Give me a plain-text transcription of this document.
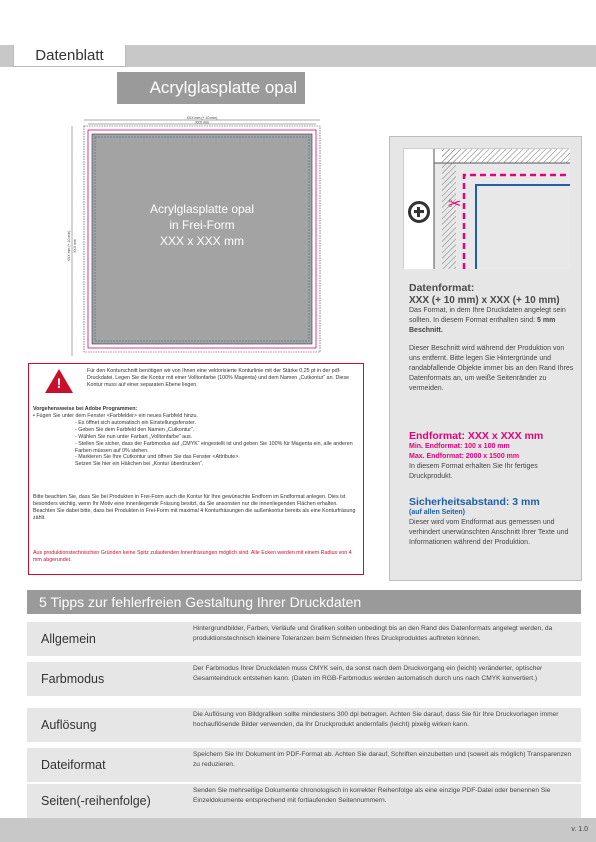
Datenblatt
Acrylglasplatte opal
XXX mm (+ 10 mm)
XXX mm
XXX mm (+ 10 mm) XXX mm
Acrylglasplatte opal
in Frei-Form
XXX x XXX mm
!
Für den Konturschnitt benötigen wir von Ihnen eine vektorisierte Konturlinie mit der Stärke 0,25 pt in der pdf-Druckdatei. Legen Sie die Kontur mit einer Volltonfarbe (100% Magenta) und dem Namen „Cutkontur“ an. Diese Kontur muss auf einer separaten Ebene liegen.
Vorgehensweise bei Adobe Programmen:
• Fügen Sie unter dem Fenster <Farbfelder> ein neues Farbfeld hinzu.
- Es öffnet sich automatisch ein Einstellungsfenster.
- Geben Sie dem Farbfeld den Namen „Cutkontur“.
- Wählen Sie nun unter Farbart „Volltonfarbe“ aus.
- Stellen Sie sicher, dass der Farbmodus auf „CMYK“ eingestellt ist und geben Sie 100% für Magenta ein, alle anderen Farben müssen auf 0% stehen.
- Markieren Sie Ihre Cutkontur und öffnen Sie das Fenster <Attribute>.
Setzen Sie hier ein Häkchen bei „Kontur überdrucken“.
Bitte beachten Sie, dass Sie bei Produkten in Frei-Form auch die Kontur für Ihre gewünschte Endform im Endformat anlegen. Dies ist besonders wichtig, wenn Ihr Motiv eine innenliegende Fräsung besitzt, da Sie ansonsten nur die innenliegenden Flächen erhalten. Beachten Sie dabei bitte, dass bei Produkten in Frei-Form mit maximal 4 Konturfräsungen die außenkontur bereits als eine Konturfräsung zählt.
Aus produktionstechnischen Gründen keine Spitz zulaufenden Innenfräsungen möglich sind. Alle Ecken werden mit einem Radius von 4 mm abgerundet.
✂
Datenformat:
XXX (+ 10 mm) x XXX (+ 10 mm)
Das Format, in dem Ihre Druckdaten angelegt sein sollten. In diesem Format enthalten sind: 5 mm Beschnitt.
Dieser Beschnitt wird während der Produktion von uns entfernt. Bitte legen Sie Hintergründe und randabfallende Objekte immer bis an den Rand Ihres Datenformats an, um weiße Seitenränder zu vermeiden.
Endformat: XXX x XXX mm
Min. Endformat: 100 x 100 mm
Max. Endformat: 2000 x 1500 mm
In diesem Format erhalten Sie Ihr fertiges Druckprodukt.
Sicherheitsabstand: 3 mm
(auf allen Seiten)
Dieser wird vom Endformat aus gemessen und verhindert unerwünschten Anschnitt Ihrer Texte und Informationen während der Produktion.
5 Tipps zur fehlerfreien Gestaltung Ihrer Druckdaten
Allgemein
Hintergrundbilder, Farben, Verläufe und Grafiken sollten unbedingt bis an den Rand des Datenformats angelegt werden, da produktionstechnisch kleinere Toleranzen beim Schneiden Ihres Druckproduktes auftreten können.
Farbmodus
Der Farbmodus Ihrer Druckdaten muss CMYK sein, da sonst nach dem Druckvorgang ein (leicht) veränderter, optischer Gesamteindruck entstehen kann. (Daten im RGB-Farbmodus werden automatisch durch uns nach CMYK konvertiert.)
Auflösung
Die Auflösung von Bildgrafiken sollte mindestens 300 dpi betragen. Achten Sie darauf, dass Sie für Ihre Druckvorlagen immer hochauflösende Bilder verwenden, da Ihr Druckprodukt andernfalls (leicht) pixelig wirken kann.
Dateiformat
Speichern Sie Ihr Dokument im PDF-Format ab. Achten Sie darauf, Schriften einzubetten und (soweit als möglich) Transparenzen zu reduzieren.
Seiten(-reihenfolge)
Senden Sie mehrseitige Dokumente chronologisch in korrekter Reihenfolge als eine einzige PDF-Datei oder benennen Sie Einzeldokumente entsprechend mit fortlaufenden Seitennummern.
v. 1.0
